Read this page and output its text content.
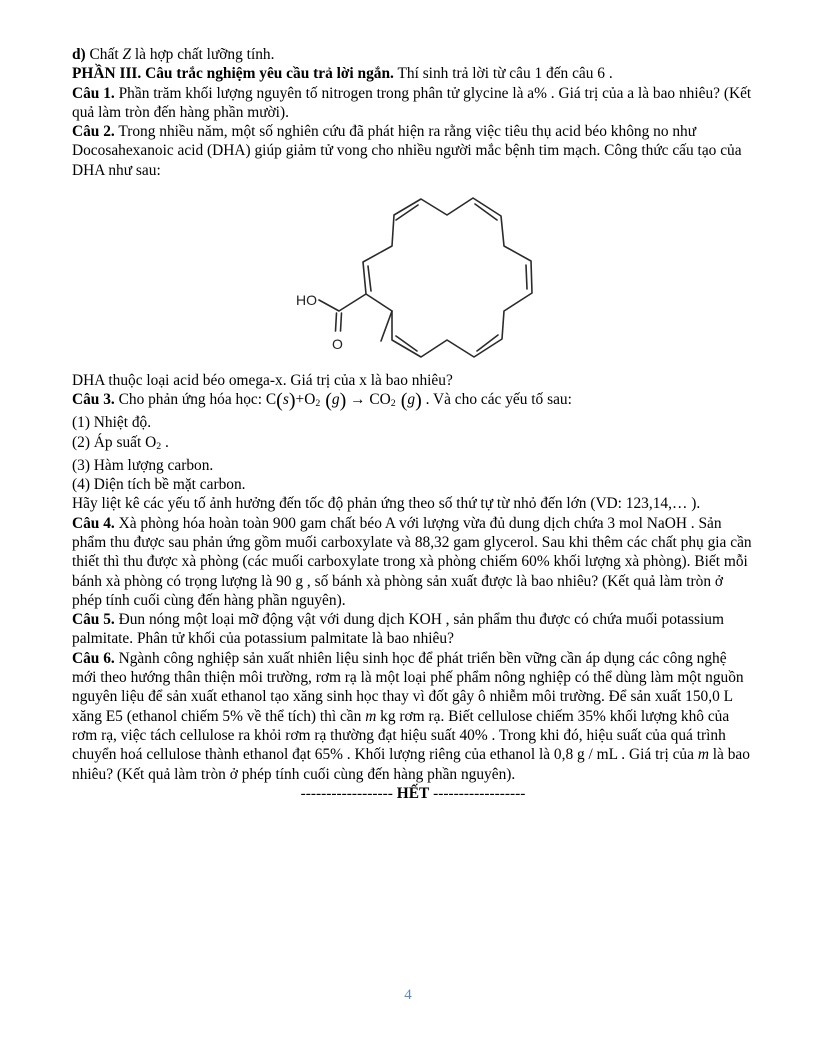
d) Chất Z là hợp chất lưỡng tính.

PHẦN III. Câu trắc nghiệm yêu cầu trả lời ngắn. Thí sinh trả lời từ câu 1 đến câu 6 .

Câu 1. Phần trăm khối lượng nguyên tố nitrogen trong phân tử glycine là a% . Giá trị của a là bao nhiêu? (Kết quả làm tròn đến hàng phần mười).

Câu 2. Trong nhiều năm, một số nghiên cứu đã phát hiện ra rằng việc tiêu thụ acid béo không no như Docosahexanoic acid (DHA) giúp giảm tử vong cho nhiều người mắc bệnh tim mạch. Công thức cấu tạo của DHA như sau:

HO
O

DHA thuộc loại acid béo omega-x. Giá trị của x là bao nhiêu?

Câu 3. Cho phản ứng hóa học: C(s)+O2 (g) → CO2 (g) . Và cho các yếu tố sau:

(1) Nhiệt độ.

(2) Áp suất O2 .

(3) Hàm lượng carbon.

(4) Diện tích bề mặt carbon.

Hãy liệt kê các yếu tố ảnh hưởng đến tốc độ phản ứng theo số thứ tự từ nhỏ đến lớn (VD: 123,14,… ).

Câu 4. Xà phòng hóa hoàn toàn 900 gam chất béo A với lượng vừa đủ dung dịch chứa 3 mol NaOH . Sản phẩm thu được sau phản ứng gồm muối carboxylate và 88,32 gam glycerol. Sau khi thêm các chất phụ gia cần thiết thì thu được xà phòng (các muối carboxylate trong xà phòng chiếm 60% khối lượng xà phòng). Biết mỗi bánh xà phòng có trọng lượng là 90 g , số bánh xà phòng sản xuất được là bao nhiêu? (Kết quả làm tròn ở phép tính cuối cùng đến hàng phần nguyên).

Câu 5. Đun nóng một loại mỡ động vật với dung dịch KOH , sản phẩm thu được có chứa muối potassium palmitate. Phân tử khối của potassium palmitate là bao nhiêu?

Câu 6. Ngành công nghiệp sản xuất nhiên liệu sinh học để phát triển bền vững cần áp dụng các công nghệ mới theo hướng thân thiện môi trường, rơm rạ là một loại phế phẩm nông nghiệp có thể dùng làm một nguồn nguyên liệu để sản xuất ethanol tạo xăng sinh học thay vì đốt gây ô nhiễm môi trường. Để sản xuất 150,0 L xăng E5 (ethanol chiếm 5% về thể tích) thì cần m kg rơm rạ. Biết cellulose chiếm 35% khối lượng khô của rơm rạ, việc tách cellulose ra khỏi rơm rạ thường đạt hiệu suất 40% . Trong khi đó, hiệu suất của quá trình chuyển hoá cellulose thành ethanol đạt 65% . Khối lượng riêng của ethanol là 0,8 g / mL . Giá trị của m là bao nhiêu? (Kết quả làm tròn ở phép tính cuối cùng đến hàng phần nguyên).

------------------ HẾT ------------------

4
